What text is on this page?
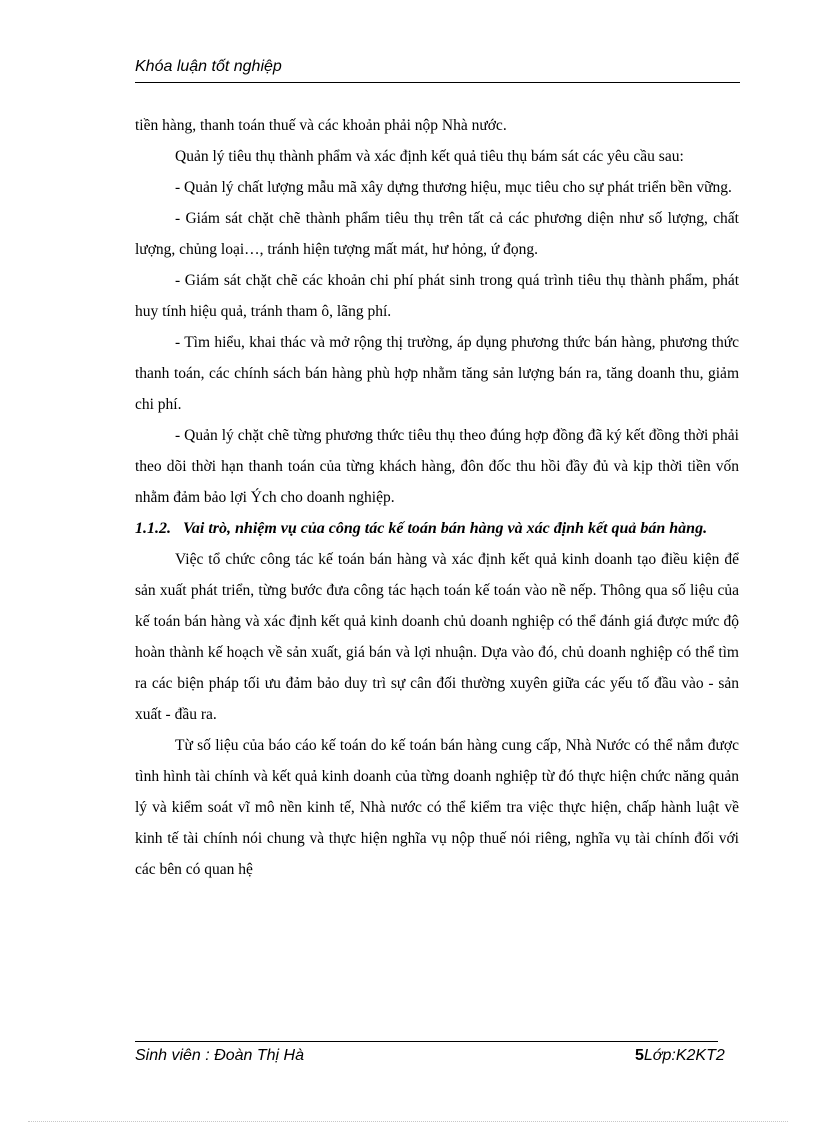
Khóa luận tốt nghiệp

tiền hàng, thanh toán thuế và các khoản phải nộp Nhà nước.

Quản lý tiêu thụ thành phẩm và xác định kết quả tiêu thụ bám sát các yêu cầu sau:

- Quản lý chất lượng mẫu mã xây dựng thương hiệu, mục tiêu cho sự phát triển bền vững.

- Giám sát chặt chẽ thành phẩm tiêu thụ trên tất cả các phương diện như số lượng, chất lượng, chủng loại…, tránh hiện tượng mất mát, hư hỏng, ứ đọng.

- Giám sát chặt chẽ các khoản chi phí phát sinh trong quá trình tiêu thụ thành phẩm, phát huy tính hiệu quả, tránh tham ô, lãng phí.

- Tìm hiểu, khai thác và mở rộng thị trường, áp dụng phương thức bán hàng, phương thức thanh toán, các chính sách bán hàng phù hợp nhằm tăng sản lượng bán ra, tăng doanh thu, giảm chi phí.

- Quản lý chặt chẽ từng phương thức tiêu thụ theo đúng hợp đồng đã ký kết đồng thời phải theo dõi thời hạn thanh toán của từng khách hàng, đôn đốc thu hồi đầy đủ và kịp thời tiền vốn nhằm đảm bảo lợi Ých cho doanh nghiệp.

1.1.2. Vai trò, nhiệm vụ của công tác kế toán bán hàng và xác định kết quả bán hàng.

Việc tổ chức công tác kế toán bán hàng và xác định kết quả kinh doanh tạo điều kiện để sản xuất phát triển, từng bước đưa công tác hạch toán kế toán vào nề nếp. Thông qua số liệu của kế toán bán hàng và xác định kết quả kinh doanh chủ doanh nghiệp có thể đánh giá được mức độ hoàn thành kế hoạch về sản xuất, giá bán và lợi nhuận. Dựa vào đó, chủ doanh nghiệp có thể tìm ra các biện pháp tối ưu đảm bảo duy trì sự cân đối thường xuyên giữa các yếu tố đầu vào - sản xuất - đầu ra.

Từ số liệu của báo cáo kế toán do kế toán bán hàng cung cấp, Nhà Nước có thể nắm được tình hình tài chính và kết quả kinh doanh của từng doanh nghiệp từ đó thực hiện chức năng quản lý và kiểm soát vĩ mô nền kinh tế, Nhà nước có thể kiểm tra việc thực hiện, chấp hành luật về kinh tế tài chính nói chung và thực hiện nghĩa vụ nộp thuế nói riêng, nghĩa vụ tài chính đối với các bên có quan hệ

Sinh viên : Đoàn Thị Hà	5Lớp:K2KT2
